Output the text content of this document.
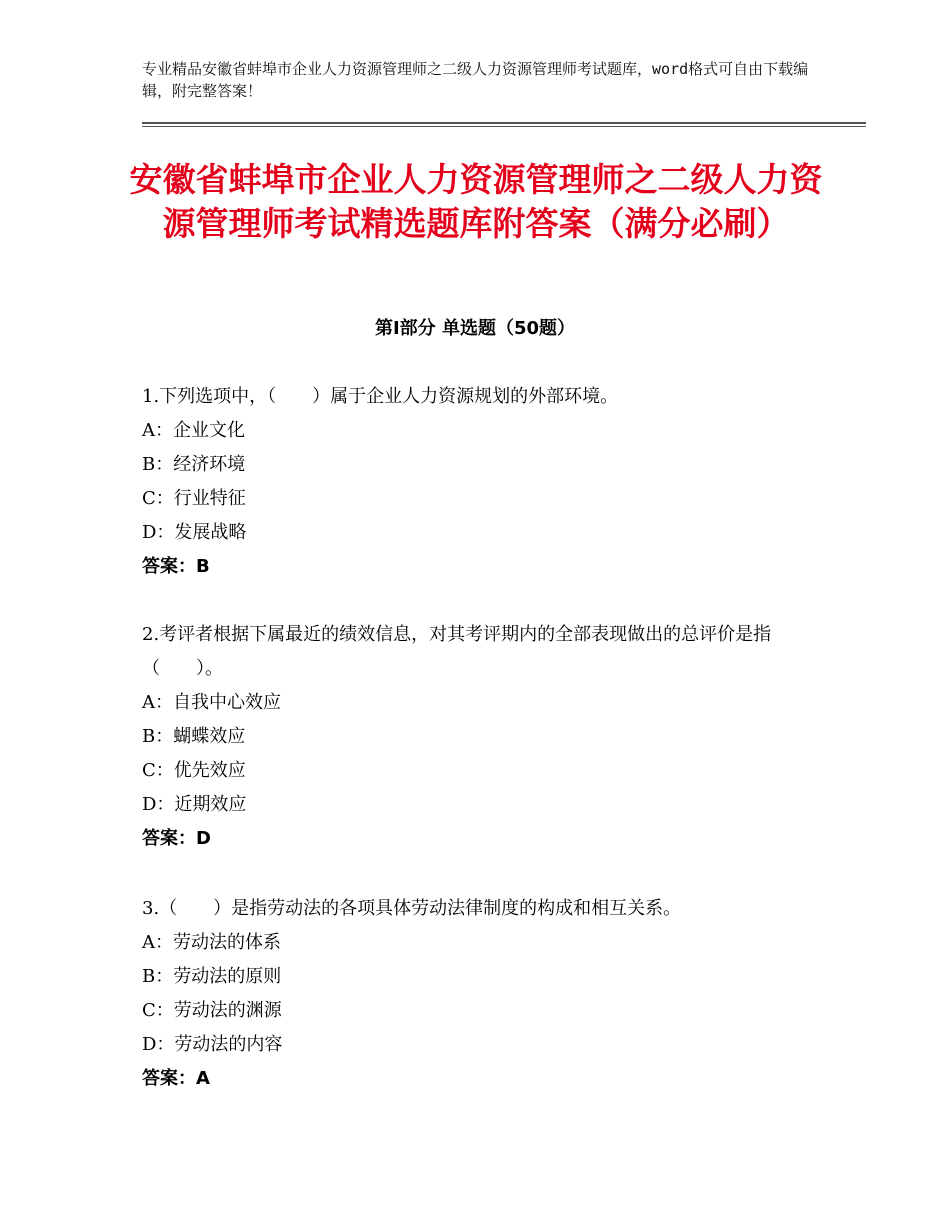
专业精品安徽省蚌埠市企业人力资源管理师之二级人力资源管理师考试题库，word格式可自由下载编辑，附完整答案！
安徽省蚌埠市企业人力资源管理师之二级人力资源管理师考试精选题库附答案（满分必刷）
第Ⅰ部分 单选题（50题）

1.下列选项中，（　　）属于企业人力资源规划的外部环境。

A：企业文化

B：经济环境

C：行业特征

D：发展战略

答案：B

2.考评者根据下属最近的绩效信息，对其考评期内的全部表现做出的总评价是指（　　）。

A：自我中心效应

B：蝴蝶效应

C：优先效应

D：近期效应

答案：D

3.（　　）是指劳动法的各项具体劳动法律制度的构成和相互关系。

A：劳动法的体系

B：劳动法的原则

C：劳动法的渊源

D：劳动法的内容

答案：A
